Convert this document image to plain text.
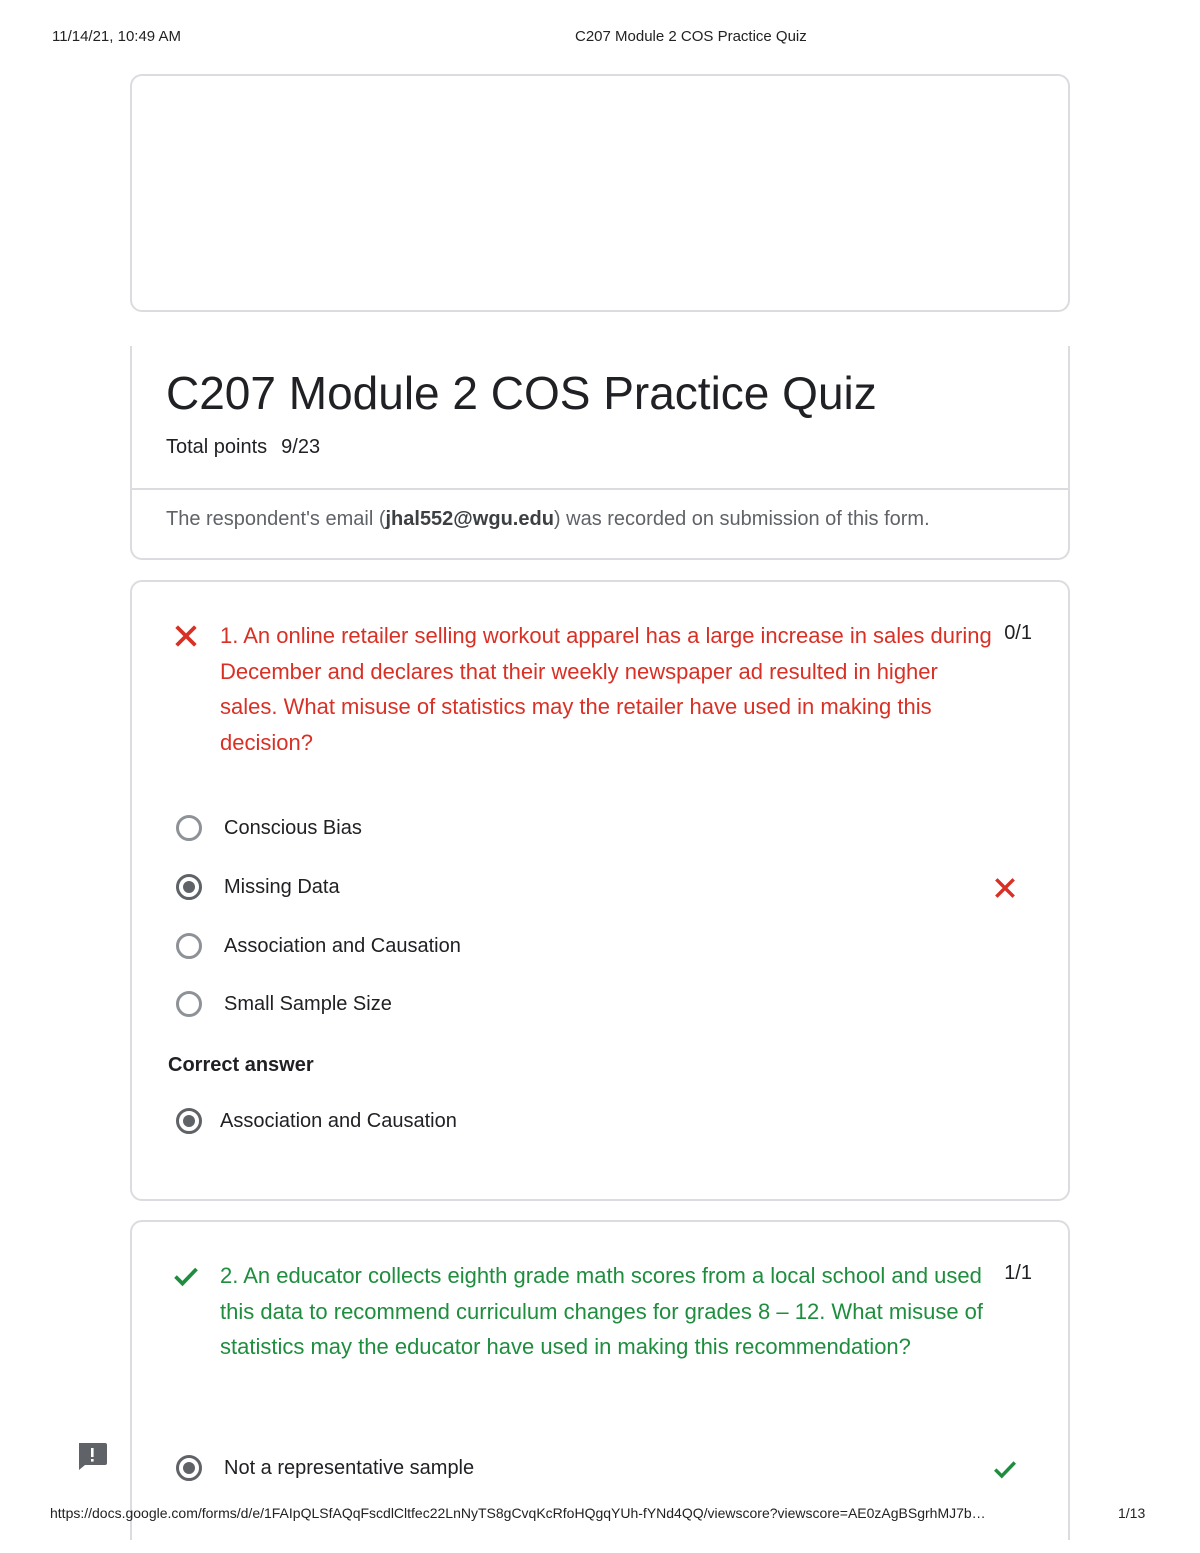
11/14/21, 10:49 AM	C207 Module 2 COS Practice Quiz
C207 Module 2 COS Practice Quiz
Total points 9/23
The respondent's email (jhal552@wgu.edu) was recorded on submission of this form.
1. An online retailer selling workout apparel has a large increase in sales during December and declares that their weekly newspaper ad resulted in higher sales. What misuse of statistics may the retailer have used in making this decision?
0/1
Conscious Bias
Missing Data
Association and Causation
Small Sample Size
Correct answer
Association and Causation
2. An educator collects eighth grade math scores from a local school and used this data to recommend curriculum changes for grades 8 – 12. What misuse of statistics may the educator have used in making this recommendation?
1/1
Not a representative sample
https://docs.google.com/forms/d/e/1FAIpQLSfAQqFscdlCltfec22LnNyTS8gCvqKcRfoHQgqYUh-fYNd4QQ/viewscore?viewscore=AE0zAgBSgrhMJ7b…	1/13
